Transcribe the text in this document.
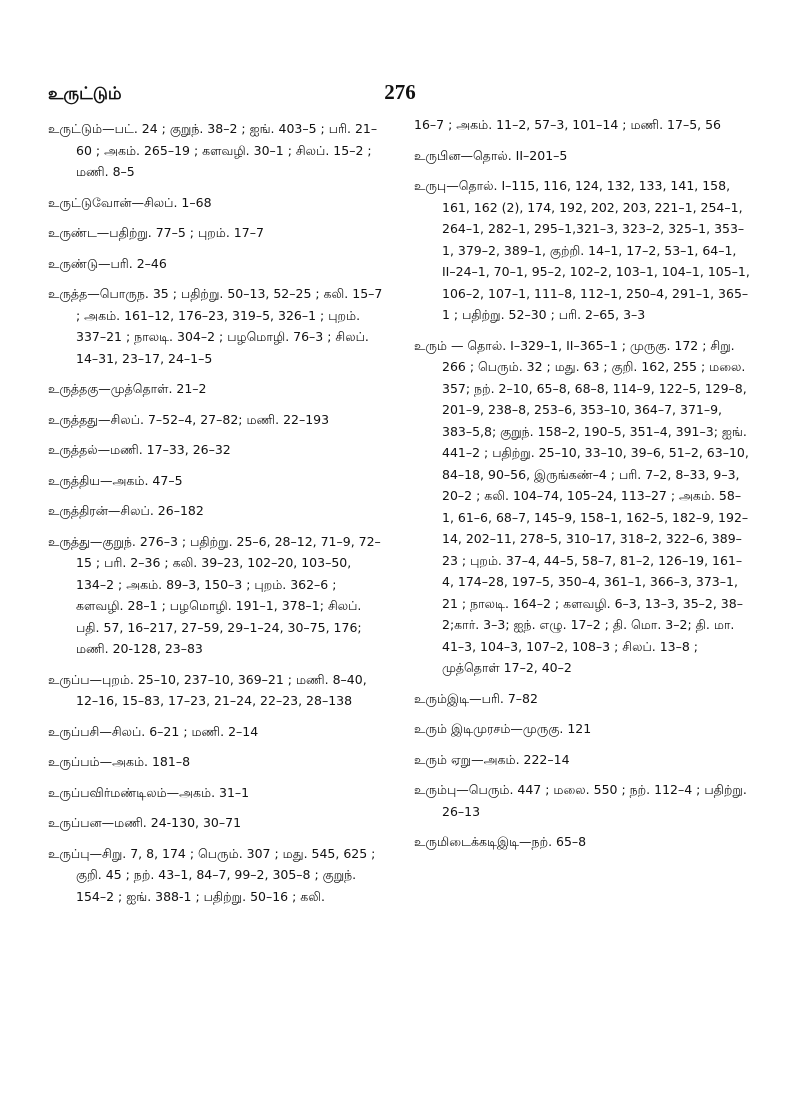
உருட்டும்	276

உருட்டும்—பட். 24 ; குறுந். 38–2 ; ஐங். 403–5 ; பரி. 21–60 ; அகம். 265–19 ; களவழி. 30–1 ; சிலப். 15–2 ; மணி. 8–5

உருட்டுவோன்—சிலப். 1–68

உருண்ட—பதிற்று. 77–5 ; புறம். 17–7

உருண்டு—பரி. 2–46

உருத்த—பொருந. 35 ; பதிற்று. 50–13, 52–25 ; கலி. 15–7 ; அகம். 161–12, 176–23, 319–5, 326–1 ; புறம். 337–21 ; நாலடி. 304–2 ; பழமொழி. 76–3 ; சிலப். 14–31, 23–17, 24–1–5

உருத்தகு—முத்தொள். 21–2

உருத்தது—சிலப். 7–52–4, 27–82; மணி. 22–193

உருத்தல்—மணி. 17–33, 26–32

உருத்திய—அகம். 47–5

உருத்திரன்—சிலப். 26–182

உருத்து—குறுந். 276–3 ; பதிற்று. 25–6, 28–12, 71–9, 72–15 ; பரி. 2–36 ; கலி. 39–23, 102–20, 103–50, 134–2 ; அகம். 89–3, 150–3 ; புறம். 362–6 ; களவழி. 28–1 ; பழமொழி. 191–1, 378–1; சிலப். பதி. 57, 16–217, 27–59, 29–1–24, 30–75, 176; மணி. 20-128, 23–83

உருப்ப—புறம். 25–10, 237–10, 369–21 ; மணி. 8–40, 12–16, 15–83, 17–23, 21–24, 22–23, 28–138

உருப்பசி—சிலப். 6–21 ; மணி. 2–14

உருப்பம்—அகம். 181–8

உருப்பவிர்மண்டிலம்—அகம். 31–1

உருப்பன—மணி. 24-130, 30–71

உருப்பு—சிறு. 7, 8, 174 ; பெரும். 307 ; மது. 545, 625 ; குறி. 45 ; நற். 43–1, 84–7, 99–2, 305–8 ; குறுந். 154–2 ; ஐங். 388-1 ; பதிற்று. 50–16 ; கலி.

16–7 ; அகம். 11–2, 57–3, 101–14 ; மணி. 17–5, 56

உருபின—தொல். II–201–5

உருபு—தொல். I–115, 116, 124, 132, 133, 141, 158, 161, 162 (2), 174, 192, 202, 203, 221–1, 254–1, 264–1, 282–1, 295–1,321–3, 323–2, 325–1, 353–1, 379–2, 389–1, குற்றி. 14–1, 17–2, 53–1, 64–1, II–24–1, 70–1, 95–2, 102–2, 103–1, 104–1, 105–1, 106–2, 107–1, 111–8, 112–1, 250–4, 291–1, 365–1 ; பதிற்று. 52–30 ; பரி. 2–65, 3–3

உரும் — தொல். I–329–1, II–365–1 ; முருகு. 172 ; சிறு. 266 ; பெரும். 32 ; மது. 63 ; குறி. 162, 255 ; மலை. 357; நற். 2–10, 65–8, 68–8, 114–9, 122–5, 129–8, 201–9, 238–8, 253–6, 353–10, 364–7, 371–9, 383–5,8; குறுந். 158–2, 190–5, 351–4, 391–3; ஐங். 441–2 ; பதிற்று. 25–10, 33–10, 39–6, 51–2, 63–10, 84–18, 90–56, இருங்கண்–4 ; பரி. 7–2, 8–33, 9–3, 20–2 ; கலி. 104–74, 105–24, 113–27 ; அகம். 58–1, 61–6, 68–7, 145–9, 158–1, 162–5, 182–9, 192–14, 202–11, 278–5, 310–17, 318–2, 322–6, 389–23 ; புறம். 37–4, 44–5, 58–7, 81–2, 126–19, 161–4, 174–28, 197–5, 350–4, 361–1, 366–3, 373–1, 21 ; நாலடி. 164–2 ; களவழி. 6–3, 13–3, 35–2, 38–2;கார். 3–3; ஐந். எழு. 17–2 ; தி. மொ. 3–2; தி. மா. 41–3, 104–3, 107–2, 108–3 ; சிலப். 13–8 ; முத்தொள் 17–2, 40–2

உரும்இடி—பரி. 7–82

உரும் இடிமுரசம்—முருகு. 121

உரும் ஏறு—அகம். 222–14

உரும்பு—பெரும். 447 ; மலை. 550 ; நற். 112–4 ; பதிற்று. 26–13

உருமிடைக்கடிஇடி—நற். 65–8
